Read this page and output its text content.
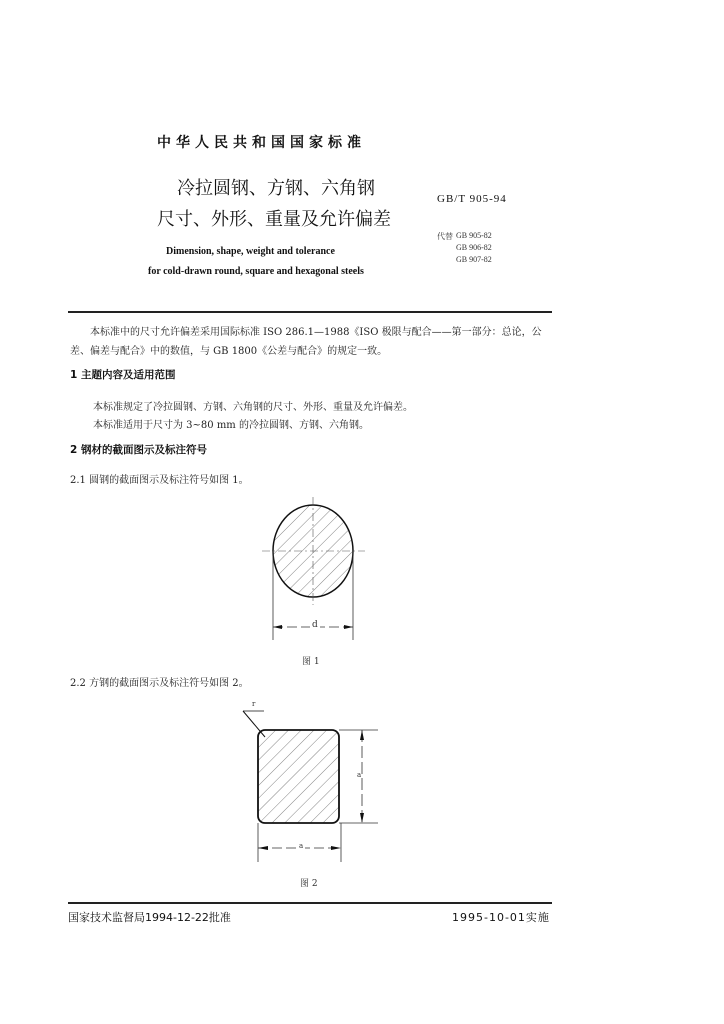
中华人民共和国国家标准
冷拉圆钢、方钢、六角钢
尺寸、外形、重量及允许偏差
Dimension, shape, weight and tolerance
for cold-drawn round, square and hexagonal steels
GB/T 905-94
代替 GB 905-82
GB 906-82
GB 907-82
本标准中的尺寸允许偏差采用国际标准 ISO 286.1—1988《ISO 极限与配合——第一部分：总论，公
差、偏差与配合》中的数值，与 GB 1800《公差与配合》的规定一致。
1 主题内容及适用范围
本标准规定了冷拉圆钢、方钢、六角钢的尺寸、外形、重量及允许偏差。
本标准适用于尺寸为 3~80 mm 的冷拉圆钢、方钢、六角钢。
2 钢材的截面图示及标注符号
2.1 圆钢的截面图示及标注符号如图 1。
d
图 1
2.2 方钢的截面图示及标注符号如图 2。
r
a
a
图 2
国家技术监督局1994-12-22批准	1995-10-01实施
